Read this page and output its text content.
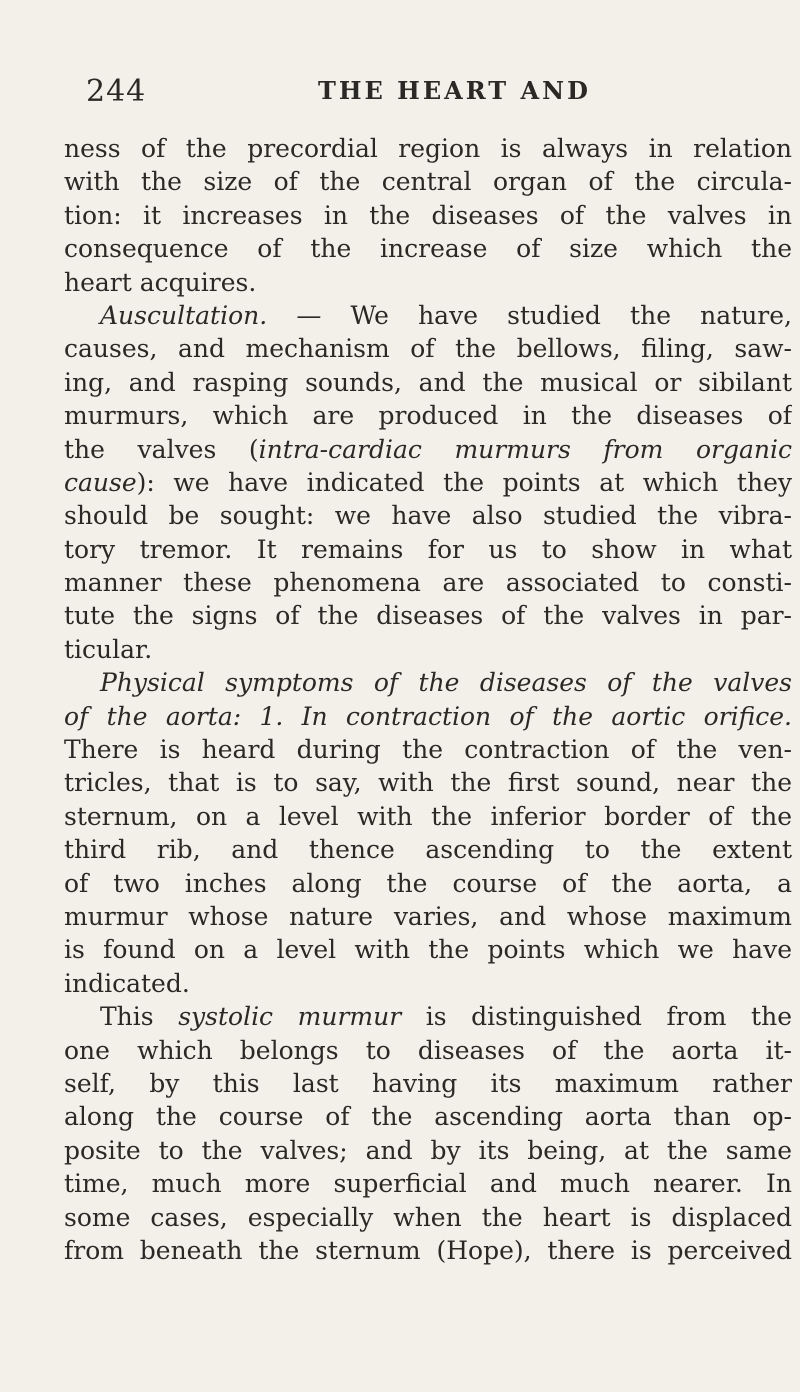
244	THE HEART AND
ness of the precordial region is always in relation
with the size of the central organ of the circula-
tion: it increases in the diseases of the valves in
consequence of the increase of size which the
heart acquires.
Auscultation. — We have studied the nature,
causes, and mechanism of the bellows, filing, saw-
ing, and rasping sounds, and the musical or sibilant
murmurs, which are produced in the diseases of
the valves (intra-cardiac murmurs from organic
cause): we have indicated the points at which they
should be sought: we have also studied the vibra-
tory tremor. It remains for us to show in what
manner these phenomena are associated to consti-
tute the signs of the diseases of the valves in par-
ticular.
Physical symptoms of the diseases of the valves
of the aorta: 1. In contraction of the aortic orifice.
There is heard during the contraction of the ven-
tricles, that is to say, with the first sound, near the
sternum, on a level with the inferior border of the
third rib, and thence ascending to the extent
of two inches along the course of the aorta, a
murmur whose nature varies, and whose maximum
is found on a level with the points which we have
indicated.
This systolic murmur is distinguished from the
one which belongs to diseases of the aorta it-
self, by this last having its maximum rather
along the course of the ascending aorta than op-
posite to the valves; and by its being, at the same
time, much more superficial and much nearer. In
some cases, especially when the heart is displaced
from beneath the sternum (Hope), there is perceived
